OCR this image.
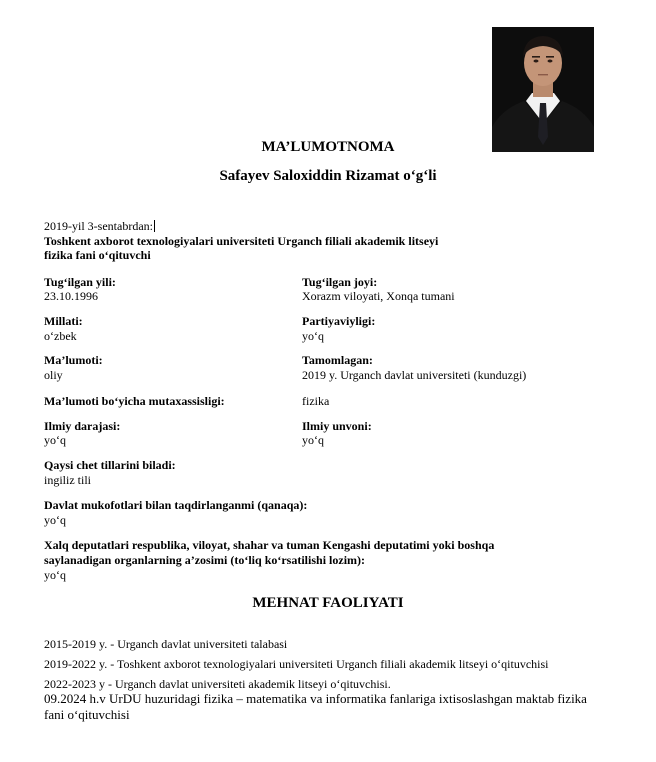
MA’LUMOTNOMA
Safayev Saloxiddin Rizamat o‘g‘li
2019-yil 3-sentabrdan:
Toshkent axborot texnologiyalari universiteti Urganch filiali akademik litseyi
fizika fani o‘qituvchi
Tug‘ilgan yili:
23.10.1996
Tug‘ilgan joyi:
Xorazm viloyati, Xonqa tumani
Millati:
o‘zbek
Partiyaviyligi:
yo‘q
Ma’lumoti:
oliy
Tamomlagan:
2019 y. Urganch davlat universiteti (kunduzgi)
Ma’lumoti bo‘yicha mutaxassisligi:	fizika
Ilmiy darajasi:
yo‘q
Ilmiy unvoni:
yo‘q
Qaysi chet tillarini biladi:
ingiliz tili
Davlat mukofotlari bilan taqdirlanganmi (qanaqa):
yo‘q
Xalq deputatlari respublika, viloyat, shahar va tuman Kengashi deputatimi yoki boshqa
saylanadigan organlarning a’zosimi (to‘liq ko‘rsatilishi lozim):
yo‘q
MEHNAT FAOLIYATI
2015-2019 y. - Urganch davlat universiteti talabasi
2019-2022 y. - Toshkent axborot texnologiyalari universiteti Urganch filiali akademik litseyi o‘qituvchisi
2022-2023 y - Urganch davlat universiteti akademik litseyi o‘qituvchisi.
09.2024 h.v UrDU huzuridagi fizika – matematika va informatika fanlariga ixtisoslashgan maktab fizika
fani o‘qituvchisi
